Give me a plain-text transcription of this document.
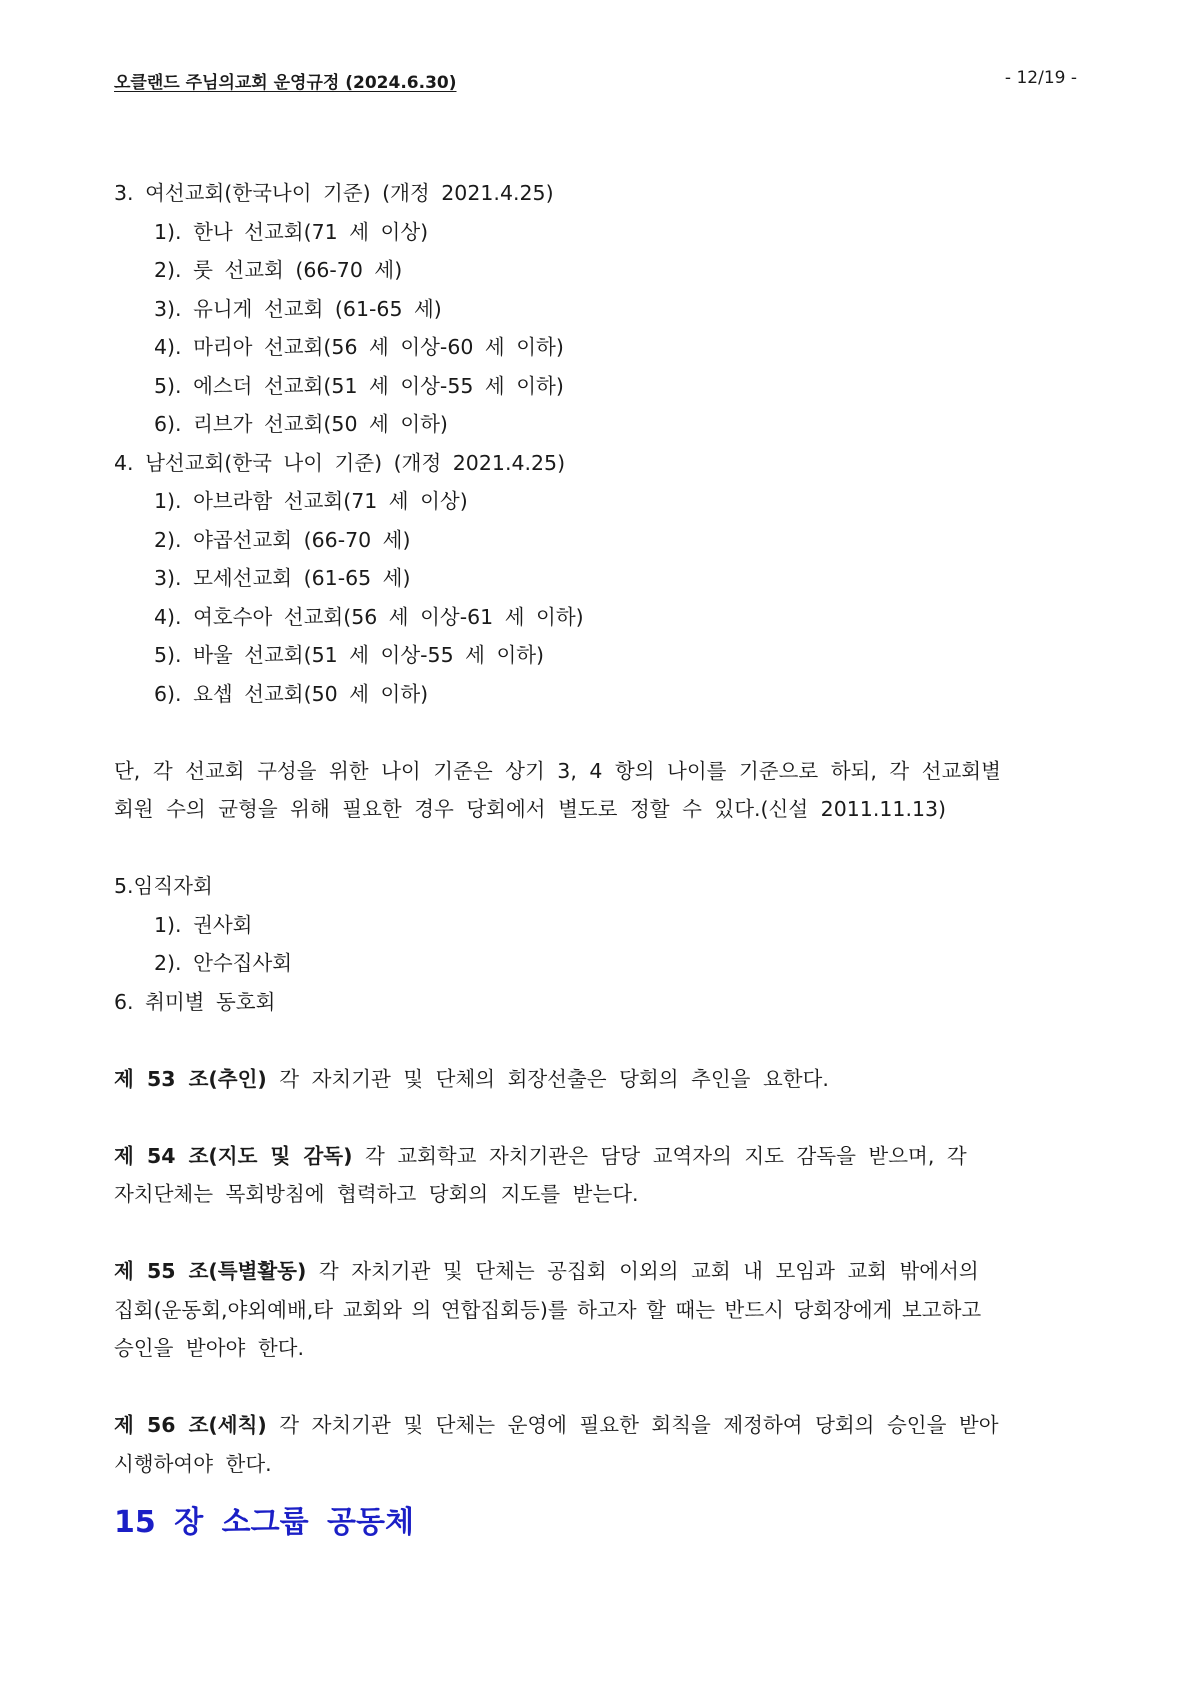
오클랜드 주님의교회 운영규정 (2024.6.30)	- 12/19 -
3. 여선교회(한국나이 기준) (개정 2021.4.25)
1). 한나 선교회(71 세 이상)
2). 룻 선교회 (66-70 세)
3). 유니게 선교회 (61-65 세)
4). 마리아 선교회(56 세 이상-60 세 이하)
5). 에스더 선교회(51 세 이상-55 세 이하)
6). 리브가 선교회(50 세 이하)
4. 남선교회(한국 나이 기준) (개정 2021.4.25)
1). 아브라함 선교회(71 세 이상)
2). 야곱선교회 (66-70 세)
3). 모세선교회 (61-65 세)
4). 여호수아 선교회(56 세 이상-61 세 이하)
5). 바울 선교회(51 세 이상-55 세 이하)
6). 요셉 선교회(50 세 이하)
단, 각 선교회 구성을 위한 나이 기준은 상기 3, 4 항의 나이를 기준으로 하되, 각 선교회별
회원 수의 균형을 위해 필요한 경우 당회에서 별도로 정할 수 있다.(신설 2011.11.13)
5.임직자회
1). 권사회
2). 안수집사회
6. 취미별 동호회
제 53 조(추인) 각 자치기관 및 단체의 회장선출은 당회의 추인을 요한다.
제 54 조(지도 및 감독) 각 교회학교 자치기관은 담당 교역자의 지도 감독을 받으며, 각
자치단체는 목회방침에 협력하고 당회의 지도를 받는다.
제 55 조(특별활동) 각 자치기관 및 단체는 공집회 이외의 교회 내 모임과 교회 밖에서의
집회(운동회,야외예배,타 교회와 의 연합집회등)를 하고자 할 때는 반드시 당회장에게 보고하고
승인을 받아야 한다.
제 56 조(세칙) 각 자치기관 및 단체는 운영에 필요한 회칙을 제정하여 당회의 승인을 받아
시행하여야 한다.
15 장 소그룹 공동체
